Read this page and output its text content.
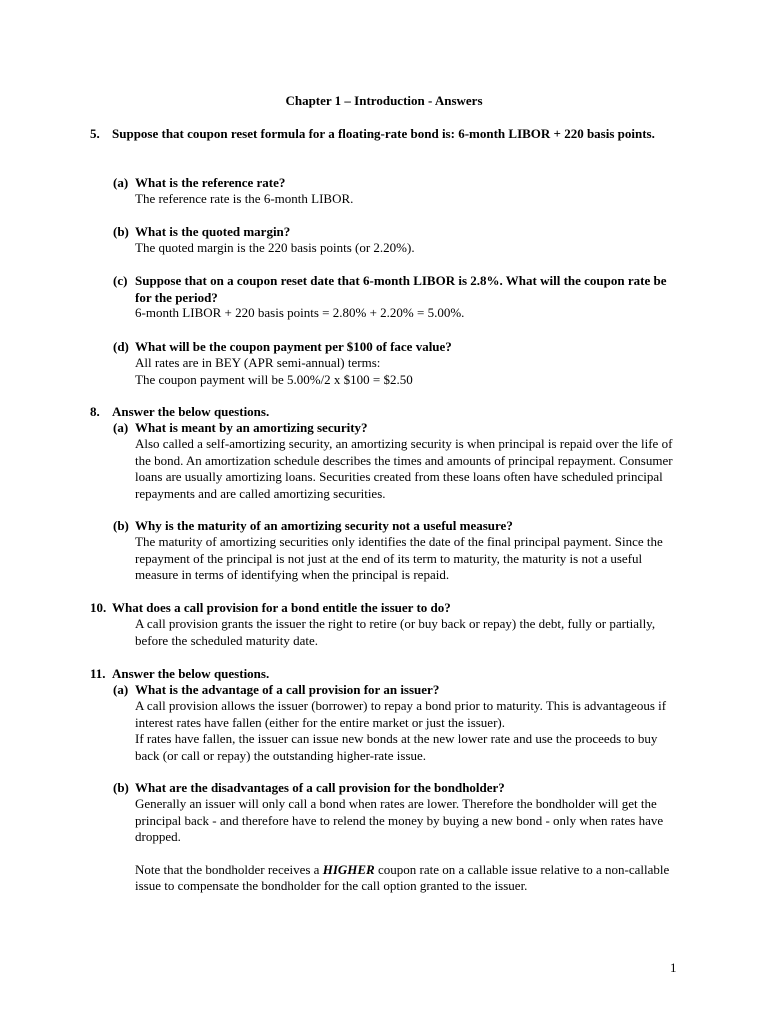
Chapter 1 – Introduction - Answers
5. Suppose that coupon reset formula for a floating-rate bond is: 6-month LIBOR + 220 basis points.
(a) What is the reference rate?

The reference rate is the 6-month LIBOR.

(b) What is the quoted margin?

The quoted margin is the 220 basis points (or 2.20%).

(c) Suppose that on a coupon reset date that 6-month LIBOR is 2.8%. What will the coupon rate be for the period?

6-month LIBOR + 220 basis points = 2.80% + 2.20% = 5.00%.

(d) What will be the coupon payment per $100 of face value?

All rates are in BEY (APR semi-annual) terms:

The coupon payment will be 5.00%/2 x $100 = $2.50

8. Answer the below questions.
(a) What is meant by an amortizing security?

Also called a self-amortizing security, an amortizing security is when principal is repaid over the life of the bond. An amortization schedule describes the times and amounts of principal repayment. Consumer loans are usually amortizing loans. Securities created from these loans often have scheduled principal repayments and are called amortizing securities.

(b) Why is the maturity of an amortizing security not a useful measure?

The maturity of amortizing securities only identifies the date of the final principal payment. Since the repayment of the principal is not just at the end of its term to maturity, the maturity is not a useful measure in terms of identifying when the principal is repaid.

10. What does a call provision for a bond entitle the issuer to do?

A call provision grants the issuer the right to retire (or buy back or repay) the debt, fully or partially, before the scheduled maturity date.

11. Answer the below questions.
(a) What is the advantage of a call provision for an issuer?

A call provision allows the issuer (borrower) to repay a bond prior to maturity. This is advantageous if interest rates have fallen (either for the entire market or just the issuer).

If rates have fallen, the issuer can issue new bonds at the new lower rate and use the proceeds to buy back (or call or repay) the outstanding higher-rate issue.

(b) What are the disadvantages of a call provision for the bondholder?

Generally an issuer will only call a bond when rates are lower. Therefore the bondholder will get the principal back - and therefore have to relend the money by buying a new bond - only when rates have dropped.

Note that the bondholder receives a HIGHER coupon rate on a callable issue relative to a non-callable issue to compensate the bondholder for the call option granted to the issuer.

1
